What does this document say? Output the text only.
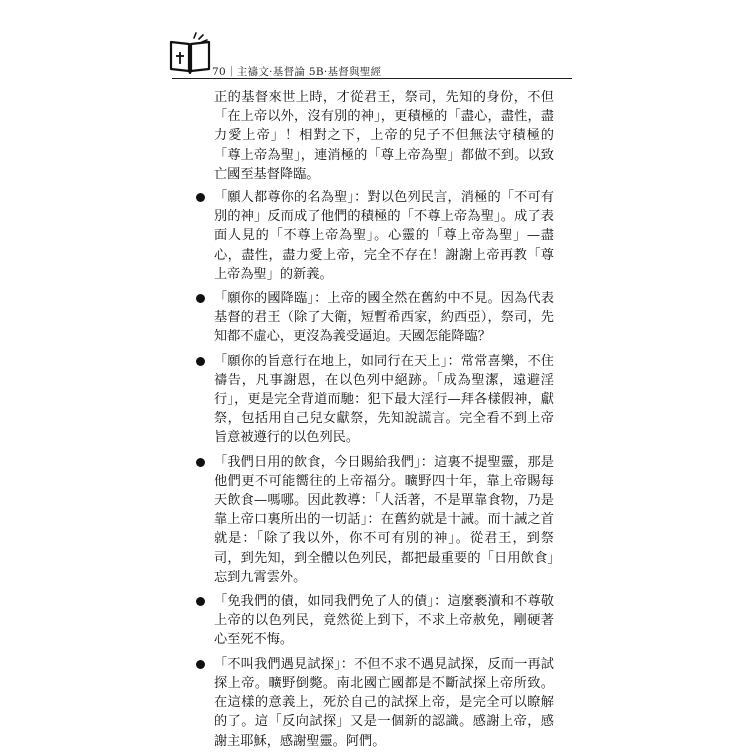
70｜主禱文·基督論 5B·基督與聖經

正的基督來世上時，才從君王，祭司，先知的身份，不但「在上帝以外，沒有別的神」，更積極的「盡心，盡性，盡力愛上帝」！相對之下，上帝的兒子不但無法守積極的「尊上帝為聖」，連消極的「尊上帝為聖」都做不到。以致亡國至基督降臨。

「願人都尊你的名為聖」：對以色列民言，消極的「不可有別的神」反而成了他們的積極的「不尊上帝為聖」。成了表面人見的「不尊上帝為聖」。心靈的「尊上帝為聖」—盡心，盡性，盡力愛上帝，完全不存在！謝謝上帝再教「尊上帝為聖」的新義。
「願你的國降臨」：上帝的國全然在舊約中不見。因為代表基督的君王（除了大衛，短暫希西家，約西亞），祭司，先知都不虛心，更沒為義受逼迫。天國怎能降臨？
「願你的旨意行在地上，如同行在天上」：常常喜樂，不住禱告，凡事謝恩，在以色列中絕跡。「成為聖潔，遠避淫行」，更是完全背道而馳：犯下最大淫行—拜各樣假神，獻祭，包括用自己兒女獻祭，先知說謊言。完全看不到上帝旨意被遵行的以色列民。
「我們日用的飲食，今日賜給我們」：這裏不提聖靈，那是他們更不可能嚮往的上帝福分。曠野四十年，靠上帝賜每天飲食—嗎哪。因此教導：「人活著，不是單靠食物，乃是靠上帝口裏所出的一切話」：在舊約就是十誡。而十誡之首就是：「除了我以外，你不可有別的神」。從君王，到祭司，到先知，到全體以色列民，都把最重要的「日用飲食」忘到九霄雲外。
「免我們的債，如同我們免了人的債」：這麼褻瀆和不尊敬上帝的以色列民，竟然從上到下，不求上帝赦免，剛硬著心至死不悔。
「不叫我們遇見試探」：不但不求不遇見試探，反而一再試探上帝。曠野倒斃。南北國亡國都是不斷試探上帝所致。在這樣的意義上，死於自己的試探上帝，是完全可以瞭解的了。這「反向試探」又是一個新的認識。感謝上帝，感謝主耶穌，感謝聖靈。阿們。
